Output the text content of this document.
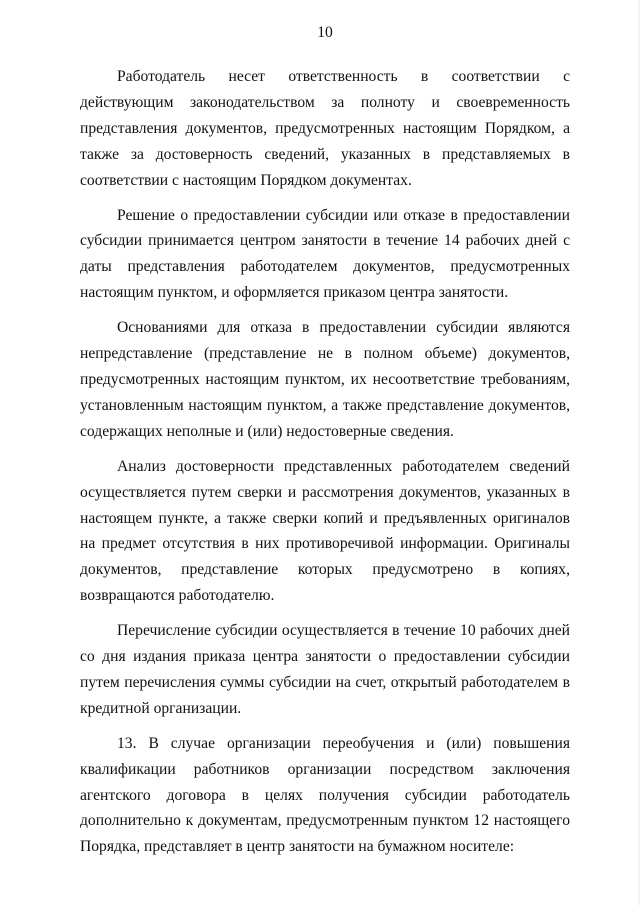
10

Работодатель несет ответственность в соответствии с действующим законодательством за полноту и своевременность представления документов, предусмотренных настоящим Порядком, а также за достоверность сведений, указанных в представляемых в соответствии с настоящим Порядком документах.

Решение о предоставлении субсидии или отказе в предоставлении субсидии принимается центром занятости в течение 14 рабочих дней с даты представления работодателем документов, предусмотренных настоящим пунктом, и оформляется приказом центра занятости.

Основаниями для отказа в предоставлении субсидии являются непредставление (представление не в полном объеме) документов, предусмотренных настоящим пунктом, их несоответствие требованиям, установленным настоящим пунктом, а также представление документов, содержащих неполные и (или) недостоверные сведения.

Анализ достоверности представленных работодателем сведений осуществляется путем сверки и рассмотрения документов, указанных в настоящем пункте, а также сверки копий и предъявленных оригиналов на предмет отсутствия в них противоречивой информации. Оригиналы документов, представление которых предусмотрено в копиях, возвращаются работодателю.

Перечисление субсидии осуществляется в течение 10 рабочих дней со дня издания приказа центра занятости о предоставлении субсидии путем перечисления суммы субсидии на счет, открытый работодателем в кредитной организации.

13. В случае организации переобучения и (или) повышения квалификации работников организации посредством заключения агентского договора в целях получения субсидии работодатель дополнительно к документам, предусмотренным пунктом 12 настоящего Порядка, представляет в центр занятости на бумажном носителе:
